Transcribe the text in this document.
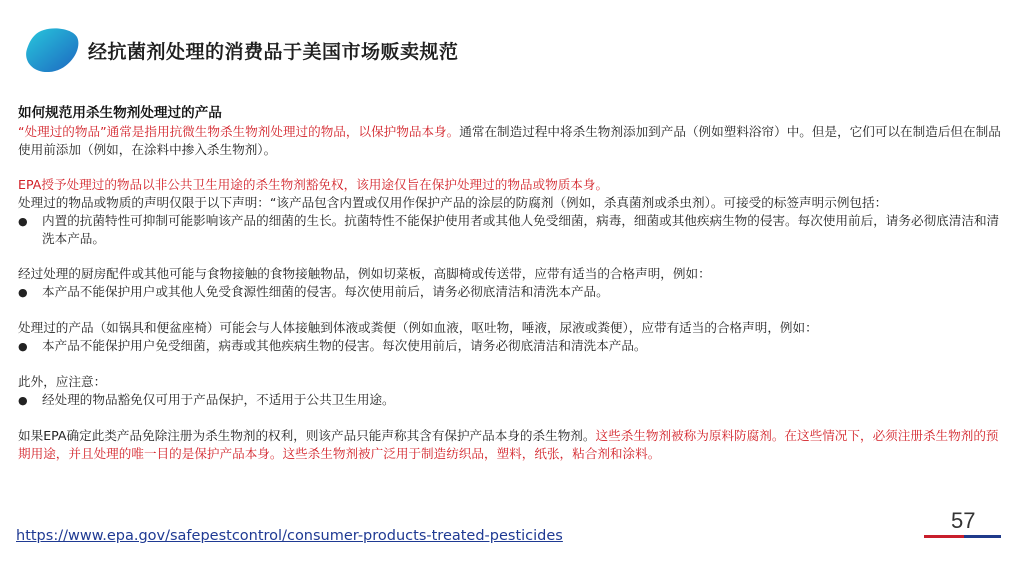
经抗菌剂处理的消费品于美国市场贩卖规范

如何规范用杀生物剂处理过的产品

“处理过的物品”通常是指用抗微生物杀生物剂处理过的物品，以保护物品本身。通常在制造过程中将杀生物剂添加到产品（例如塑料浴帘）中。但是，它们可以在制造后但在制品使用前添加（例如，在涂料中掺入杀生物剂）。

EPA授予处理过的物品以非公共卫生用途的杀生物剂豁免权，该用途仅旨在保护处理过的物品或物质本身。

处理过的物品或物质的声明仅限于以下声明：“该产品包含内置或仅用作保护产品的涂层的防腐剂（例如，杀真菌剂或杀虫剂）。可接受的标签声明示例包括：

●	内置的抗菌特性可抑制可能影响该产品的细菌的生长。抗菌特性不能保护使用者或其他人免受细菌，病毒，细菌或其他疾病生物的侵害。每次使用前后，请务必彻底清洁和清洗本产品。

经过处理的厨房配件或其他可能与食物接触的食物接触物品，例如切菜板，高脚椅或传送带，应带有适当的合格声明，例如：

●	本产品不能保护用户或其他人免受食源性细菌的侵害。每次使用前后，请务必彻底清洁和清洗本产品。

处理过的产品（如锅具和便盆座椅）可能会与人体接触到体液或粪便（例如血液，呕吐物，唾液，尿液或粪便），应带有适当的合格声明，例如：

●	本产品不能保护用户免受细菌，病毒或其他疾病生物的侵害。每次使用前后，请务必彻底清洁和清洗本产品。

此外，应注意：

●	经处理的物品豁免仅可用于产品保护，不适用于公共卫生用途。

如果EPA确定此类产品免除注册为杀生物剂的权利，则该产品只能声称其含有保护产品本身的杀生物剂。这些杀生物剂被称为原料防腐剂。在这些情况下，必须注册杀生物剂的预期用途，并且处理的唯一目的是保护产品本身。这些杀生物剂被广泛用于制造纺织品，塑料，纸张，粘合剂和涂料。

57
https://www.epa.gov/safepestcontrol/consumer-products-treated-pesticides
